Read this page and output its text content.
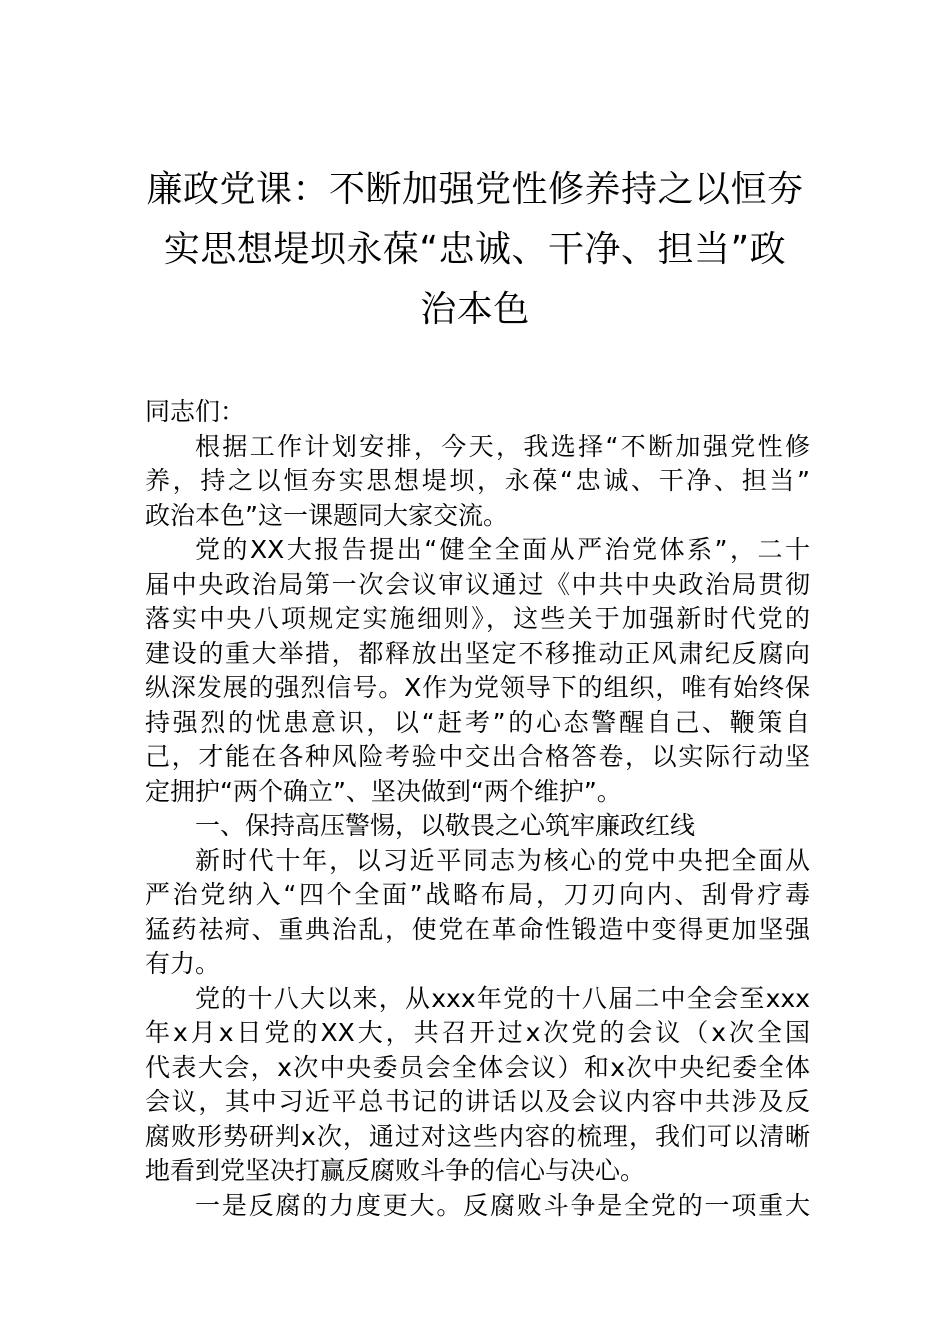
廉政党课：不断加强党性修养持之以恒夯
实思想堤坝永葆“忠诚、干净、担当”政
治本色

同志们：

根据工作计划安排，今天，我选择“不断加强党性修
养，持之以恒夯实思想堤坝，永葆“忠诚、干净、担当”
政治本色”这一课题同大家交流。

党的XX大报告提出“健全全面从严治党体系”，二十
届中央政治局第一次会议审议通过《中共中央政治局贯彻
落实中央八项规定实施细则》，这些关于加强新时代党的
建设的重大举措，都释放出坚定不移推动正风肃纪反腐向
纵深发展的强烈信号。X作为党领导下的组织，唯有始终保
持强烈的忧患意识，以“赶考”的心态警醒自己、鞭策自
己，才能在各种风险考验中交出合格答卷，以实际行动坚
定拥护“两个确立”、坚决做到“两个维护”。

一、保持高压警惕，以敬畏之心筑牢廉政红线

新时代十年，以习近平同志为核心的党中央把全面从
严治党纳入“四个全面”战略布局，刀刃向内、刮骨疗毒
猛药祛疴、重典治乱，使党在革命性锻造中变得更加坚强
有力。

党的十八大以来，从xxx年党的十八届二中全会至xxx
年x月x日党的XX大，共召开过x次党的会议（x次全国
代表大会，x次中央委员会全体会议）和x次中央纪委全体
会议，其中习近平总书记的讲话以及会议内容中共涉及反
腐败形势研判x次，通过对这些内容的梳理，我们可以清晰
地看到党坚决打赢反腐败斗争的信心与决心。

一是反腐的力度更大。反腐败斗争是全党的一项重大
